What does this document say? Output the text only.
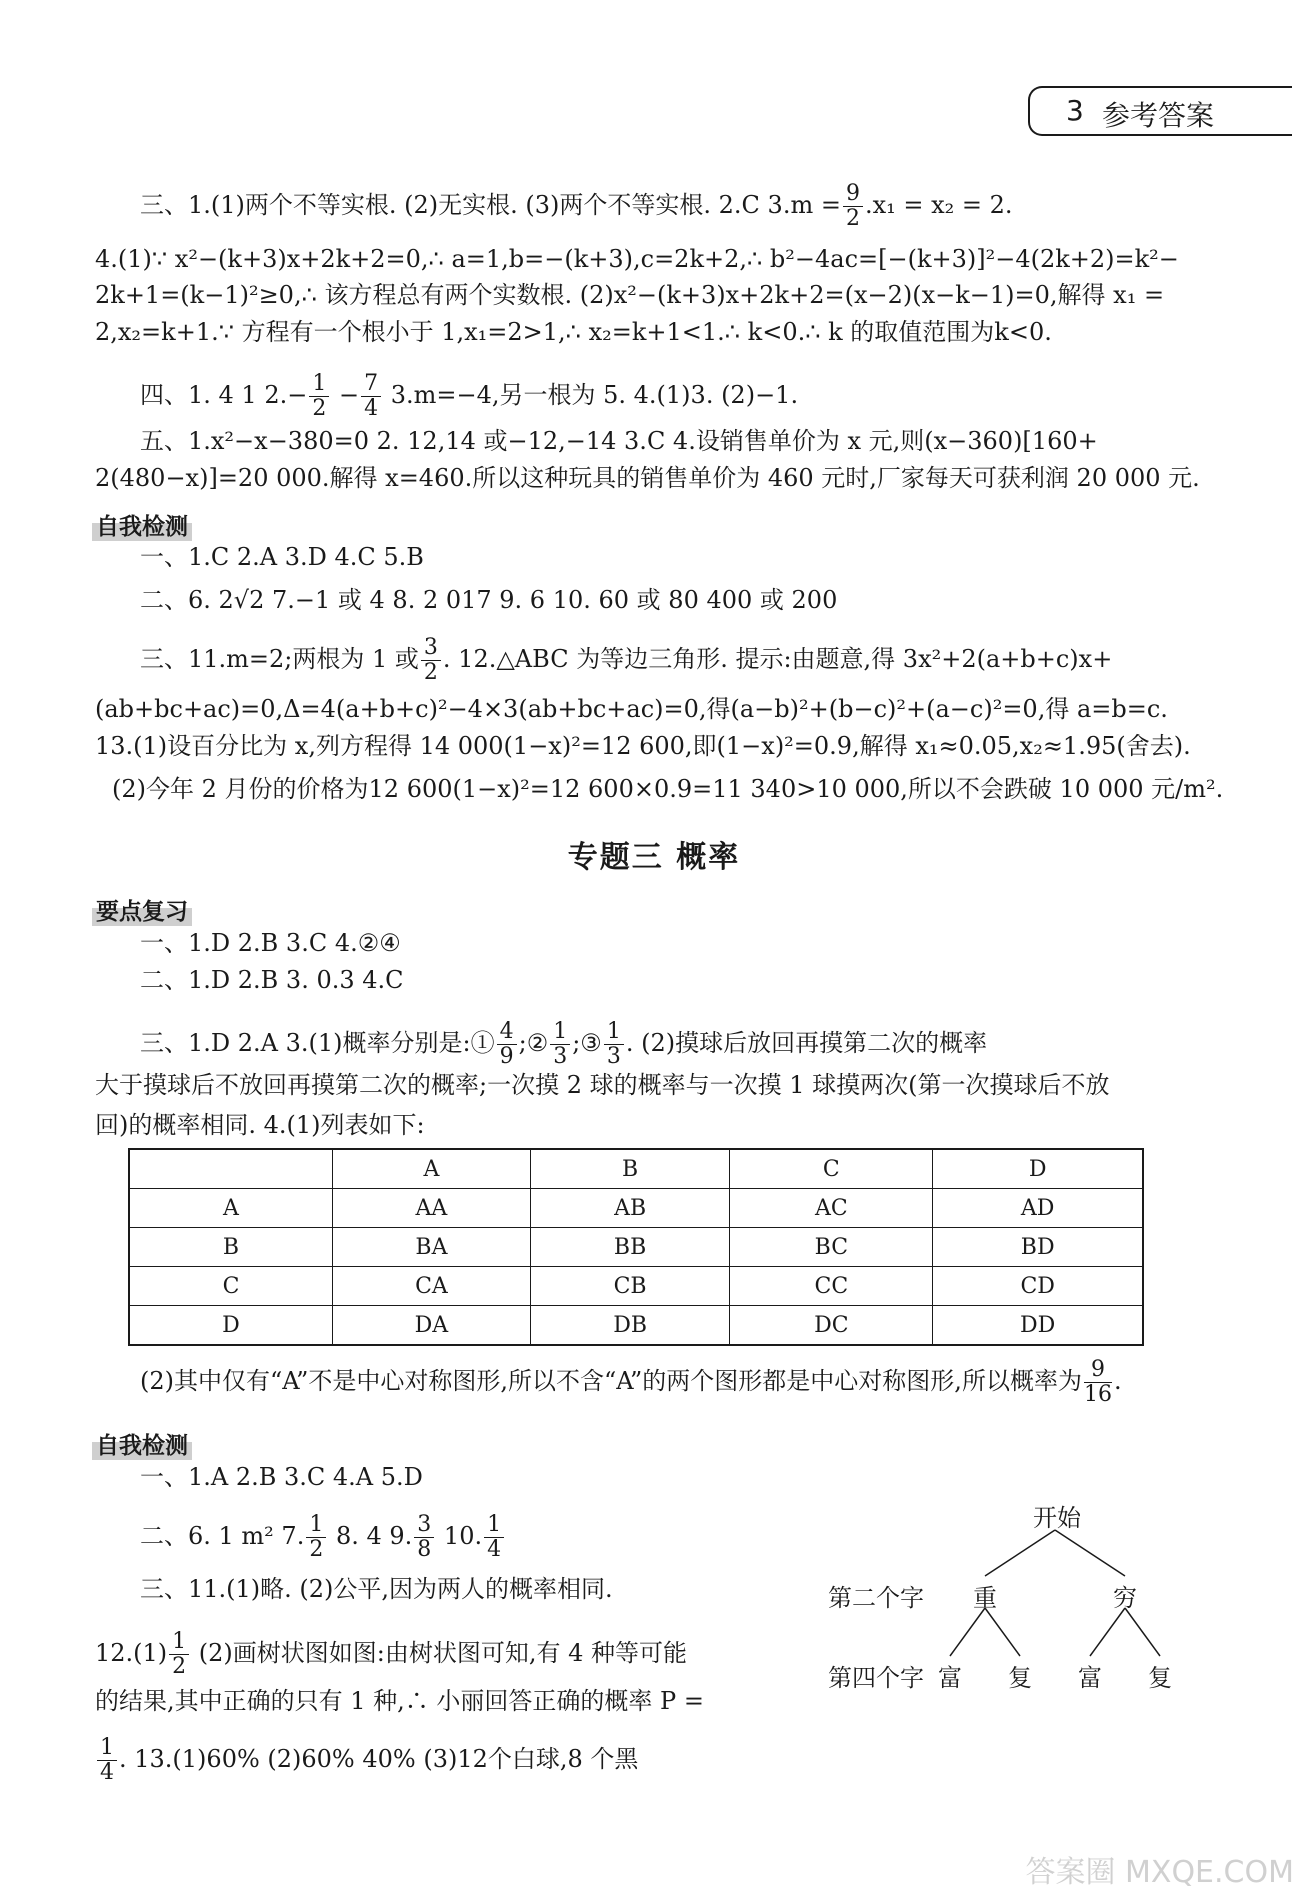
3 参考答案
三、1.(1)两个不等实根. (2)无实根. (3)两个不等实根. 2.C $3.m = \frac{9}{2} .x_1 = x_2 = 2$.
4.(1)∵ x²−(k+3)x+2k+2=0,∴ a=1,b=−(k+3),c=2k+2,∴ b²−4ac=[−(k+3)]²−4(2k+2)=k²−
2k+1=(k−1)²≥0,∴ 该方程总有两个实数根. (2)x²−(k+3)x+2k+2=(x−2)(x−k−1)=0,解得 x₁ =
2,x₂=k+1.∵ 方程有一个根小于 1,x₁=2>1,∴ x₂=k+1<1.∴ k<0.∴ k 的取值范围为k<0.
四、1. 4 1 $2.- \frac{1}{2} - \frac{7}{4} 3.m=-4$,另一根为 5. 4.(1)3. (2)−1.
五、1.x²−x−380=0 2. 12,14 或−12,−14 3.C 4.设销售单价为 x 元,则(x−360)[160+
2(480−x)]=20 000.解得 x=460.所以这种玩具的销售单价为 460 元时,厂家每天可获利润 20 000 元.
自我检测
一、1.C 2.A 3.D 4.C 5.B
二、6. 2√2 7.−1 或 4 8. 2 017 9. 6 10. 60 或 80 400 或 200
三、11.m=2;两根为 1 或 $\frac{3}{2}$ . 12.△ABC 为等边三角形. 提示:由题意,得 3x²+2(a+b+c)x+
(ab+bc+ac)=0,Δ=4(a+b+c)²−4×3(ab+bc+ac)=0,得(a−b)²+(b−c)²+(a−c)²=0,得 a=b=c.
13.(1)设百分比为 x,列方程得 14 000(1−x)²=12 600,即(1−x)²=0.9,解得 x₁≈0.05,x₂≈1.95(舍去).
(2)今年 2 月份的价格为12 600(1−x)²=12 600×0.9=11 340>10 000,所以不会跌破 10 000 元/m².
专题三 概率
要点复习
一、1.D 2.B 3.C 4.②④
二、1.D 2.B 3. 0.3 4.C
三、1.D 2.A 3.(1)概率分别是:① $\frac{4}{9}$ ;② $\frac{1}{3}$ ;③ $\frac{1}{3}$ . (2)摸球后放回再摸第二次的概率
大于摸球后不放回再摸第二次的概率;一次摸 2 球的概率与一次摸 1 球摸两次(第一次摸球后不放
回)的概率相同. 4.(1)列表如下:
	A	B	C	D
A	AA	AB	AC	AD
B	BA	BB	BC	BD
C	CA	CB	CC	CD
D	DA	DB	DC	DD
(2)其中仅有“A”不是中心对称图形,所以不含“A”的两个图形都是中心对称图形,所以概率为 $\frac{9}{16}$ .
自我检测
一、1.A 2.B 3.C 4.A 5.D
二、6. 1 m² 7. $\frac{1}{2} 8$. 4 9. $\frac{3}{8} 10$. $\frac{1}{4}$
三、11.(1)略. (2)公平,因为两人的概率相同.
$12.(1) \frac{1}{2} (2)$画树状图如图:由树状图可知,有 4 种等可能
的结果,其中正确的只有 1 种,∴ 小丽回答正确的概率 P =
$\frac{1}{4}$ . 13.(1)60% (2)60% 40% (3)12个白球,8 个黑
开始
第二个字 重	穷
第四个字 富 复 富 复
答案圈 MXQE.COM
